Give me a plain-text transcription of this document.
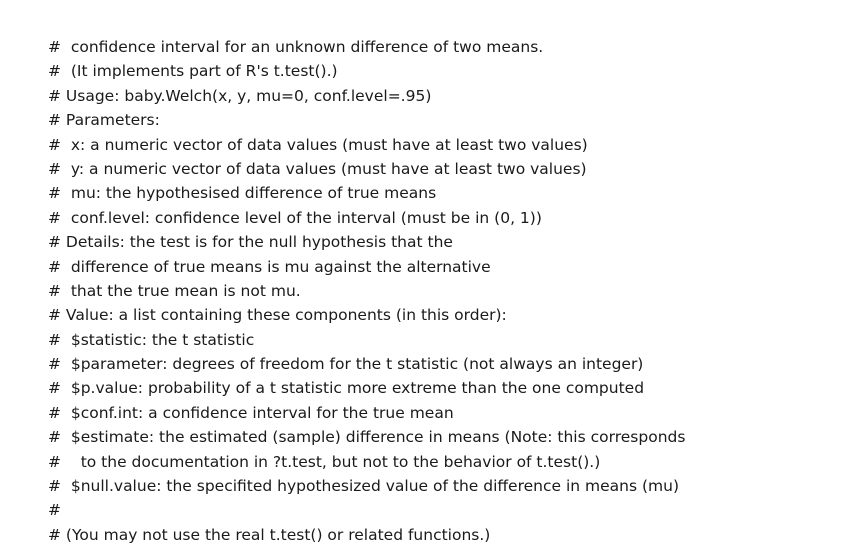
#  confidence interval for an unknown difference of two means.
#  (It implements part of R's t.test().)
# Usage: baby.Welch(x, y, mu=0, conf.level=.95)
# Parameters:
#  x: a numeric vector of data values (must have at least two values)
#  y: a numeric vector of data values (must have at least two values)
#  mu: the hypothesised difference of true means
#  conf.level: confidence level of the interval (must be in (0, 1))
# Details: the test is for the null hypothesis that the
#  difference of true means is mu against the alternative
#  that the true mean is not mu.
# Value: a list containing these components (in this order):
#  $statistic: the t statistic
#  $parameter: degrees of freedom for the t statistic (not always an integer)
#  $p.value: probability of a t statistic more extreme than the one computed
#  $conf.int: a confidence interval for the true mean
#  $estimate: the estimated (sample) difference in means (Note: this corresponds
#    to the documentation in ?t.test, but not to the behavior of t.test().)
#  $null.value: the specifited hypothesized value of the difference in means (mu)
#
# (You may not use the real t.test() or related functions.)
